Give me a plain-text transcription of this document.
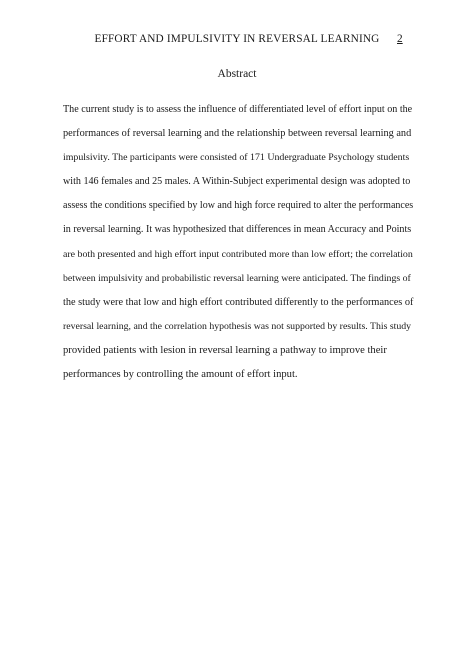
EFFORT AND IMPULSIVITY IN REVERSAL LEARNING	2
Abstract
The current study is to assess the influence of differentiated level of effort input on the
performances of reversal learning and the relationship between reversal learning and
impulsivity. The participants were consisted of 171 Undergraduate Psychology students
with 146 females and 25 males. A Within-Subject experimental design was adopted to
assess the conditions specified by low and high force required to alter the performances
in reversal learning. It was hypothesized that differences in mean Accuracy and Points
are both presented and high effort input contributed more than low effort; the correlation
between impulsivity and probabilistic reversal learning were anticipated. The findings of
the study were that low and high effort contributed differently to the performances of
reversal learning, and the correlation hypothesis was not supported by results. This study
provided patients with lesion in reversal learning a pathway to improve their
performances by controlling the amount of effort input.
